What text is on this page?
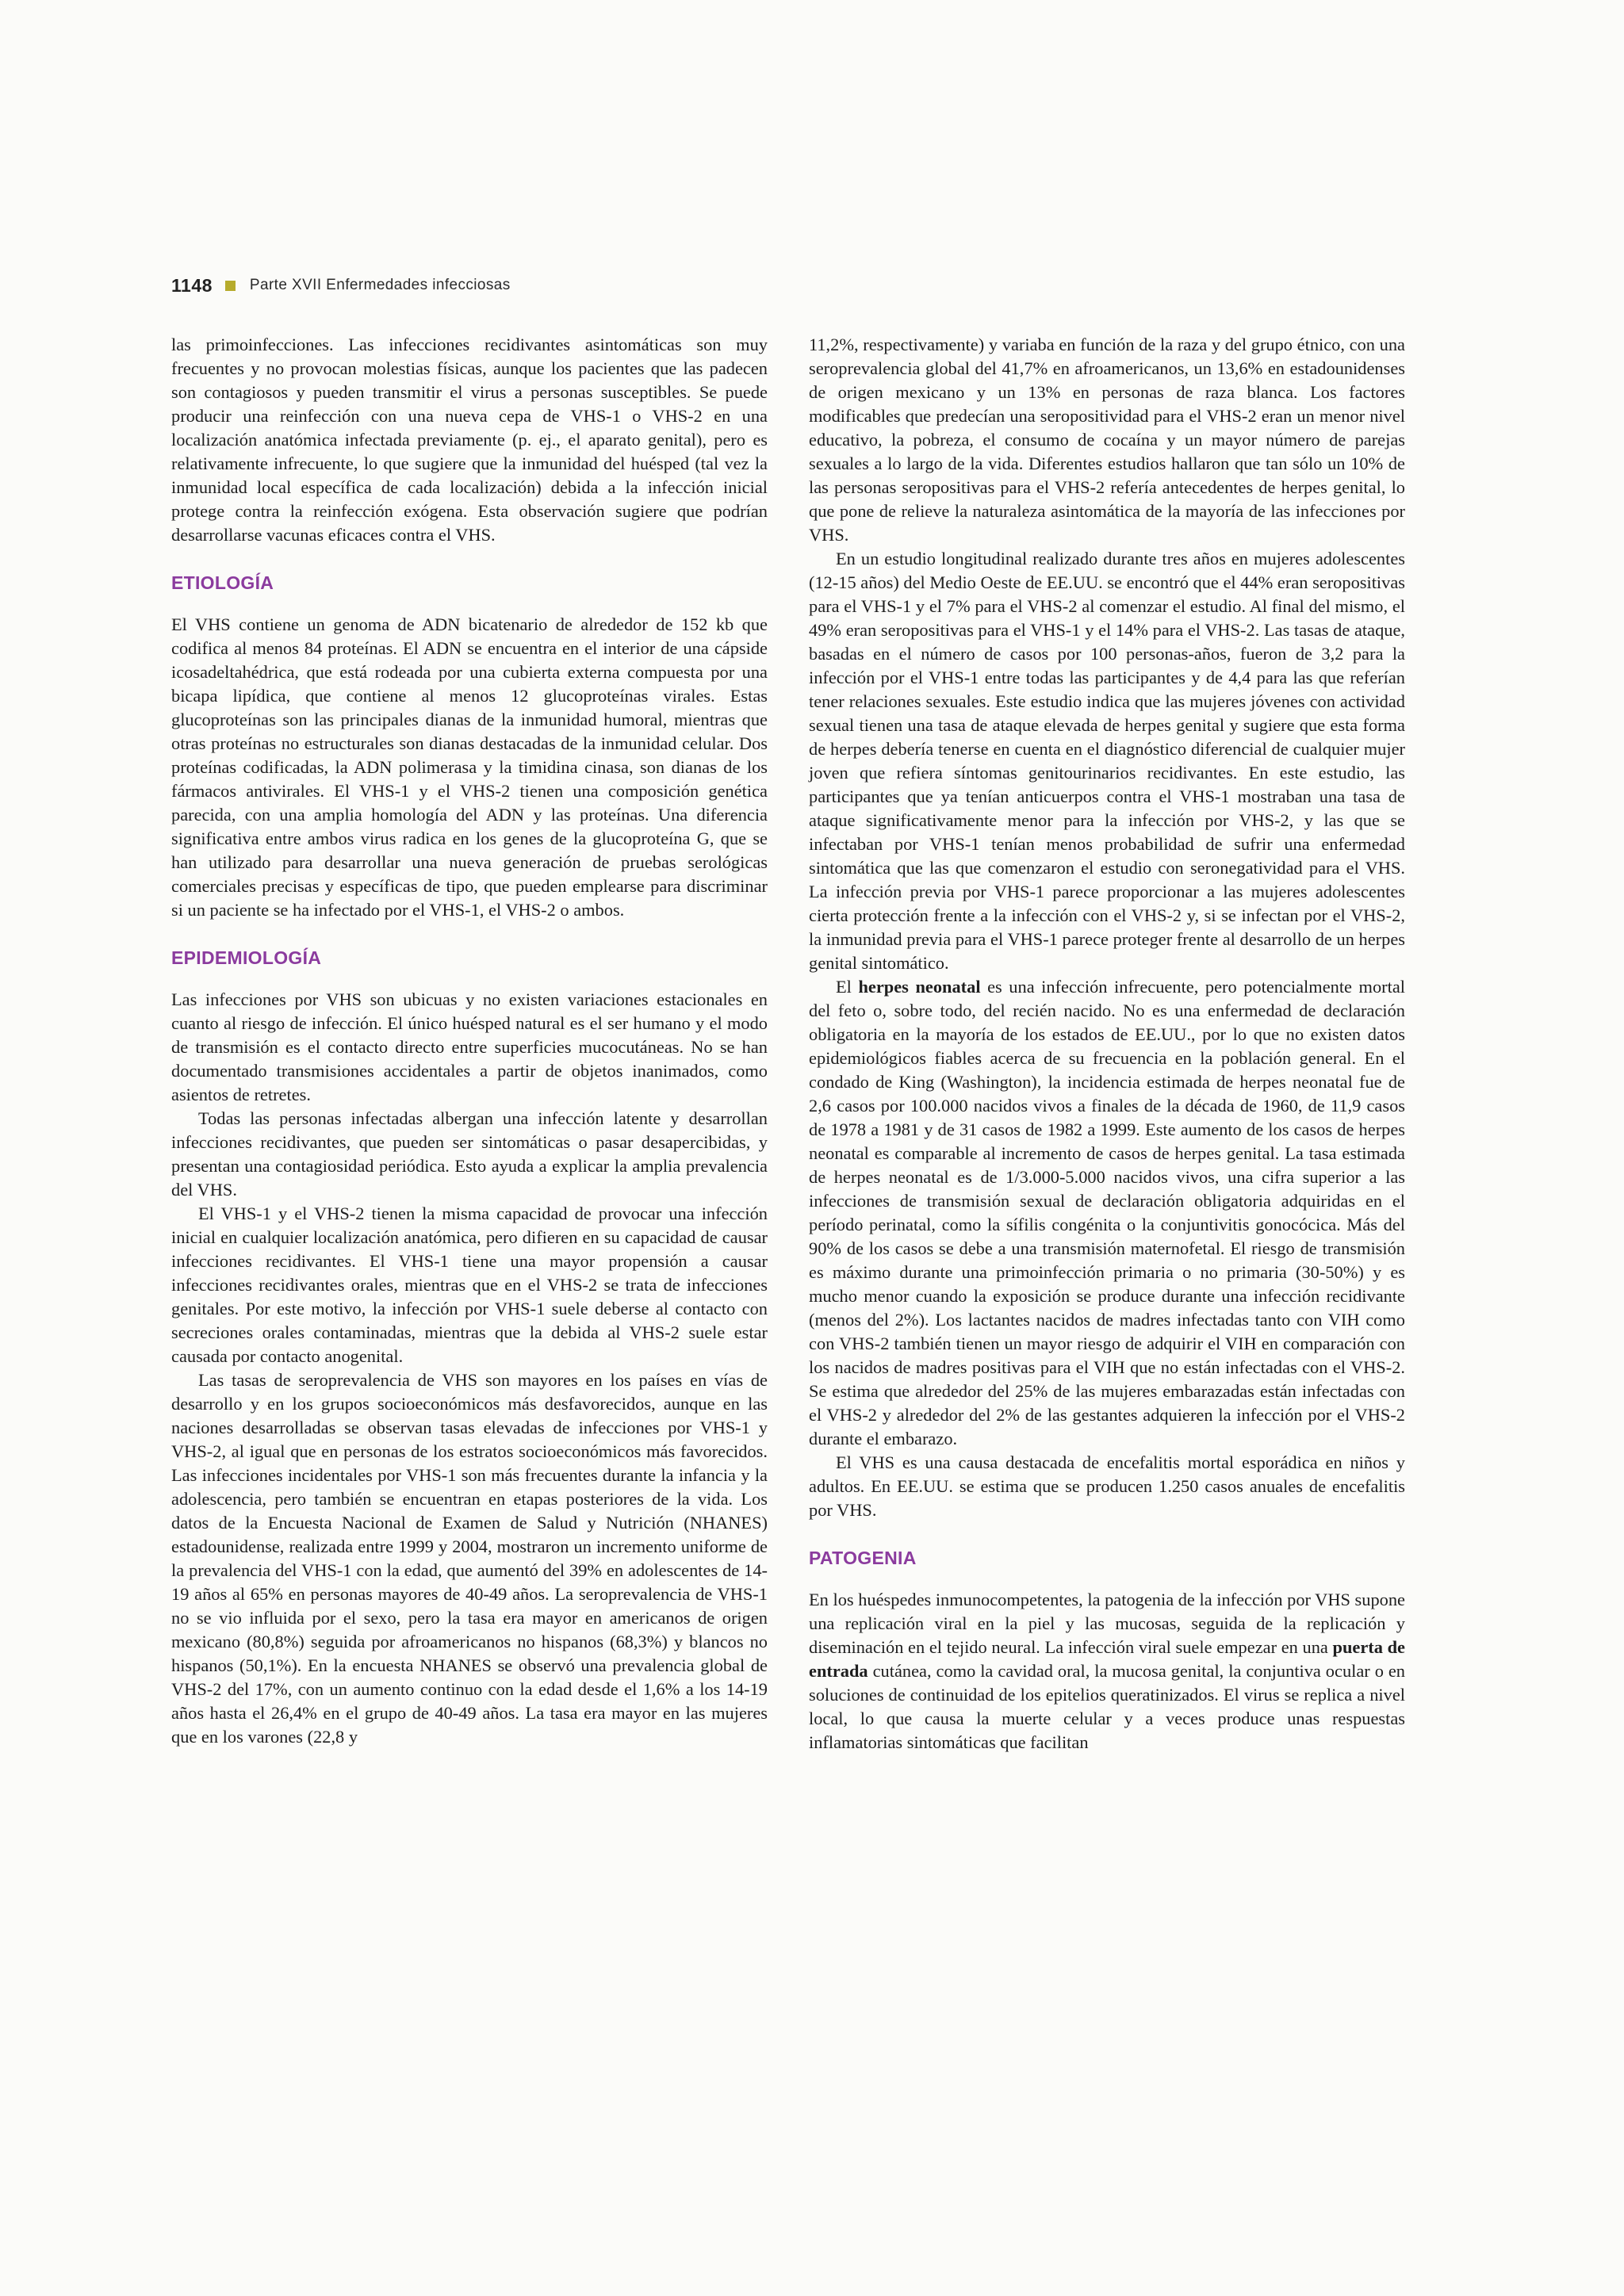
1148 Parte XVII Enfermedades infecciosas

las primoinfecciones. Las infecciones recidivantes asintomáticas son muy frecuentes y no provocan molestias físicas, aunque los pacientes que las padecen son contagiosos y pueden transmitir el virus a personas susceptibles. Se puede producir una reinfección con una nueva cepa de VHS-1 o VHS-2 en una localización anatómica infectada previamente (p. ej., el aparato genital), pero es relativamente infrecuente, lo que sugiere que la inmunidad del huésped (tal vez la inmunidad local específica de cada localización) debida a la infección inicial protege contra la reinfección exógena. Esta observación sugiere que podrían desarrollarse vacunas eficaces contra el VHS.

ETIOLOGÍA

El VHS contiene un genoma de ADN bicatenario de alrededor de 152 kb que codifica al menos 84 proteínas. El ADN se encuentra en el interior de una cápside icosadeltahédrica, que está rodeada por una cubierta externa compuesta por una bicapa lipídica, que contiene al menos 12 glucoproteínas virales. Estas glucoproteínas son las principales dianas de la inmunidad humoral, mientras que otras proteínas no estructurales son dianas destacadas de la inmunidad celular. Dos proteínas codificadas, la ADN polimerasa y la timidina cinasa, son dianas de los fármacos antivirales. El VHS-1 y el VHS-2 tienen una composición genética parecida, con una amplia homología del ADN y las proteínas. Una diferencia significativa entre ambos virus radica en los genes de la glucoproteína G, que se han utilizado para desarrollar una nueva generación de pruebas serológicas comerciales precisas y específicas de tipo, que pueden emplearse para discriminar si un paciente se ha infectado por el VHS-1, el VHS-2 o ambos.

EPIDEMIOLOGÍA

Las infecciones por VHS son ubicuas y no existen variaciones estacionales en cuanto al riesgo de infección. El único huésped natural es el ser humano y el modo de transmisión es el contacto directo entre superficies mucocutáneas. No se han documentado transmisiones accidentales a partir de objetos inanimados, como asientos de retretes.

Todas las personas infectadas albergan una infección latente y desarrollan infecciones recidivantes, que pueden ser sintomáticas o pasar desapercibidas, y presentan una contagiosidad periódica. Esto ayuda a explicar la amplia prevalencia del VHS.

El VHS-1 y el VHS-2 tienen la misma capacidad de provocar una infección inicial en cualquier localización anatómica, pero difieren en su capacidad de causar infecciones recidivantes. El VHS-1 tiene una mayor propensión a causar infecciones recidivantes orales, mientras que en el VHS-2 se trata de infecciones genitales. Por este motivo, la infección por VHS-1 suele deberse al contacto con secreciones orales contaminadas, mientras que la debida al VHS-2 suele estar causada por contacto anogenital.

Las tasas de seroprevalencia de VHS son mayores en los países en vías de desarrollo y en los grupos socioeconómicos más desfavorecidos, aunque en las naciones desarrolladas se observan tasas elevadas de infecciones por VHS-1 y VHS-2, al igual que en personas de los estratos socioeconómicos más favorecidos. Las infecciones incidentales por VHS-1 son más frecuentes durante la infancia y la adolescencia, pero también se encuentran en etapas posteriores de la vida. Los datos de la Encuesta Nacional de Examen de Salud y Nutrición (NHANES) estadounidense, realizada entre 1999 y 2004, mostraron un incremento uniforme de la prevalencia del VHS-1 con la edad, que aumentó del 39% en adolescentes de 14-19 años al 65% en personas mayores de 40-49 años. La seroprevalencia de VHS-1 no se vio influida por el sexo, pero la tasa era mayor en americanos de origen mexicano (80,8%) seguida por afroamericanos no hispanos (68,3%) y blancos no hispanos (50,1%). En la encuesta NHANES se observó una prevalencia global de VHS-2 del 17%, con un aumento continuo con la edad desde el 1,6% a los 14-19 años hasta el 26,4% en el grupo de 40-49 años. La tasa era mayor en las mujeres que en los varones (22,8 y

11,2%, respectivamente) y variaba en función de la raza y del grupo étnico, con una seroprevalencia global del 41,7% en afroamericanos, un 13,6% en estadounidenses de origen mexicano y un 13% en personas de raza blanca. Los factores modificables que predecían una seropositividad para el VHS-2 eran un menor nivel educativo, la pobreza, el consumo de cocaína y un mayor número de parejas sexuales a lo largo de la vida. Diferentes estudios hallaron que tan sólo un 10% de las personas seropositivas para el VHS-2 refería antecedentes de herpes genital, lo que pone de relieve la naturaleza asintomática de la mayoría de las infecciones por VHS.

En un estudio longitudinal realizado durante tres años en mujeres adolescentes (12-15 años) del Medio Oeste de EE.UU. se encontró que el 44% eran seropositivas para el VHS-1 y el 7% para el VHS-2 al comenzar el estudio. Al final del mismo, el 49% eran seropositivas para el VHS-1 y el 14% para el VHS-2. Las tasas de ataque, basadas en el número de casos por 100 personas-años, fueron de 3,2 para la infección por el VHS-1 entre todas las participantes y de 4,4 para las que referían tener relaciones sexuales. Este estudio indica que las mujeres jóvenes con actividad sexual tienen una tasa de ataque elevada de herpes genital y sugiere que esta forma de herpes debería tenerse en cuenta en el diagnóstico diferencial de cualquier mujer joven que refiera síntomas genitourinarios recidivantes. En este estudio, las participantes que ya tenían anticuerpos contra el VHS-1 mostraban una tasa de ataque significativamente menor para la infección por VHS-2, y las que se infectaban por VHS-1 tenían menos probabilidad de sufrir una enfermedad sintomática que las que comenzaron el estudio con seronegatividad para el VHS. La infección previa por VHS-1 parece proporcionar a las mujeres adolescentes cierta protección frente a la infección con el VHS-2 y, si se infectan por el VHS-2, la inmunidad previa para el VHS-1 parece proteger frente al desarrollo de un herpes genital sintomático.

El herpes neonatal es una infección infrecuente, pero potencialmente mortal del feto o, sobre todo, del recién nacido. No es una enfermedad de declaración obligatoria en la mayoría de los estados de EE.UU., por lo que no existen datos epidemiológicos fiables acerca de su frecuencia en la población general. En el condado de King (Washington), la incidencia estimada de herpes neonatal fue de 2,6 casos por 100.000 nacidos vivos a finales de la década de 1960, de 11,9 casos de 1978 a 1981 y de 31 casos de 1982 a 1999. Este aumento de los casos de herpes neonatal es comparable al incremento de casos de herpes genital. La tasa estimada de herpes neonatal es de 1/3.000-5.000 nacidos vivos, una cifra superior a las infecciones de transmisión sexual de declaración obligatoria adquiridas en el período perinatal, como la sífilis congénita o la conjuntivitis gonocócica. Más del 90% de los casos se debe a una transmisión maternofetal. El riesgo de transmisión es máximo durante una primoinfección primaria o no primaria (30-50%) y es mucho menor cuando la exposición se produce durante una infección recidivante (menos del 2%). Los lactantes nacidos de madres infectadas tanto con VIH como con VHS-2 también tienen un mayor riesgo de adquirir el VIH en comparación con los nacidos de madres positivas para el VIH que no están infectadas con el VHS-2. Se estima que alrededor del 25% de las mujeres embarazadas están infectadas con el VHS-2 y alrededor del 2% de las gestantes adquieren la infección por el VHS-2 durante el embarazo.

El VHS es una causa destacada de encefalitis mortal esporádica en niños y adultos. En EE.UU. se estima que se producen 1.250 casos anuales de encefalitis por VHS.

PATOGENIA

En los huéspedes inmunocompetentes, la patogenia de la infección por VHS supone una replicación viral en la piel y las mucosas, seguida de la replicación y diseminación en el tejido neural. La infección viral suele empezar en una puerta de entrada cutánea, como la cavidad oral, la mucosa genital, la conjuntiva ocular o en soluciones de continuidad de los epitelios queratinizados. El virus se replica a nivel local, lo que causa la muerte celular y a veces produce unas respuestas inflamatorias sintomáticas que facilitan
